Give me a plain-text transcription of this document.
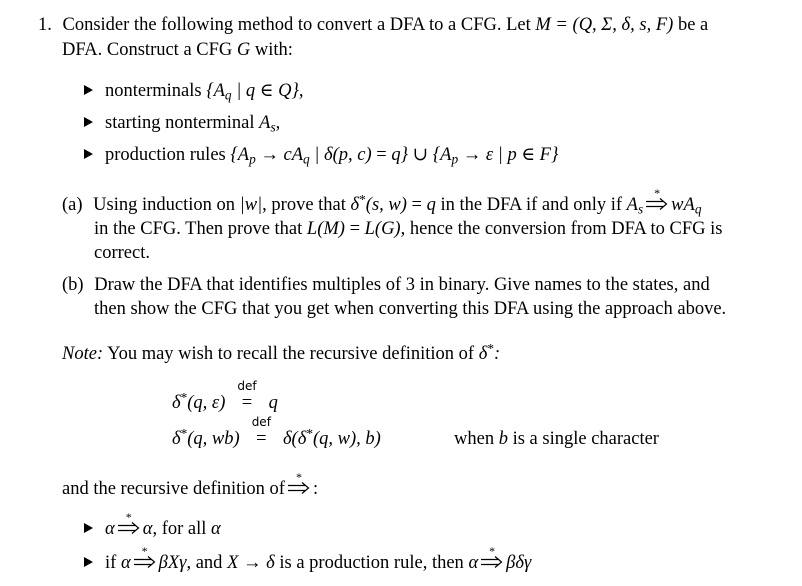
1. Consider the following method to convert a DFA to a CFG. Let M = (Q, Σ, δ, s, F) be a
DFA. Construct a CFG G with:
nonterminals {$A_q$ | q ∈ Q},
starting nonterminal $A_s$,
production rules {$A_p \to cA_q$ | δ(p, c) = q} ∪ {$A_p \to \varepsilon$ | p ∈ F}
(a) Using induction on |w|, prove that δ*(s, w) = q in the DFA if and only if $A_s$
*
$wA_q$
in the CFG. Then prove that L(M) = L(G), hence the conversion from DFA to CFG is
correct.
(b) Draw the DFA that identifies multiples of 3 in binary. Give names to the states, and
then show the CFG that you get when converting this DFA using the approach above.
Note: You may wish to recall the recursive definition of δ*:
δ*(q, ε)
def
= q
δ*(q, wb)
def
= δ(δ*(q, w), b)	when b is a single character
and the recursive definition of
*
:
α
*
α, for all α
if α
*
βXγ, and X → δ is a production rule, then α
*
βδγ
